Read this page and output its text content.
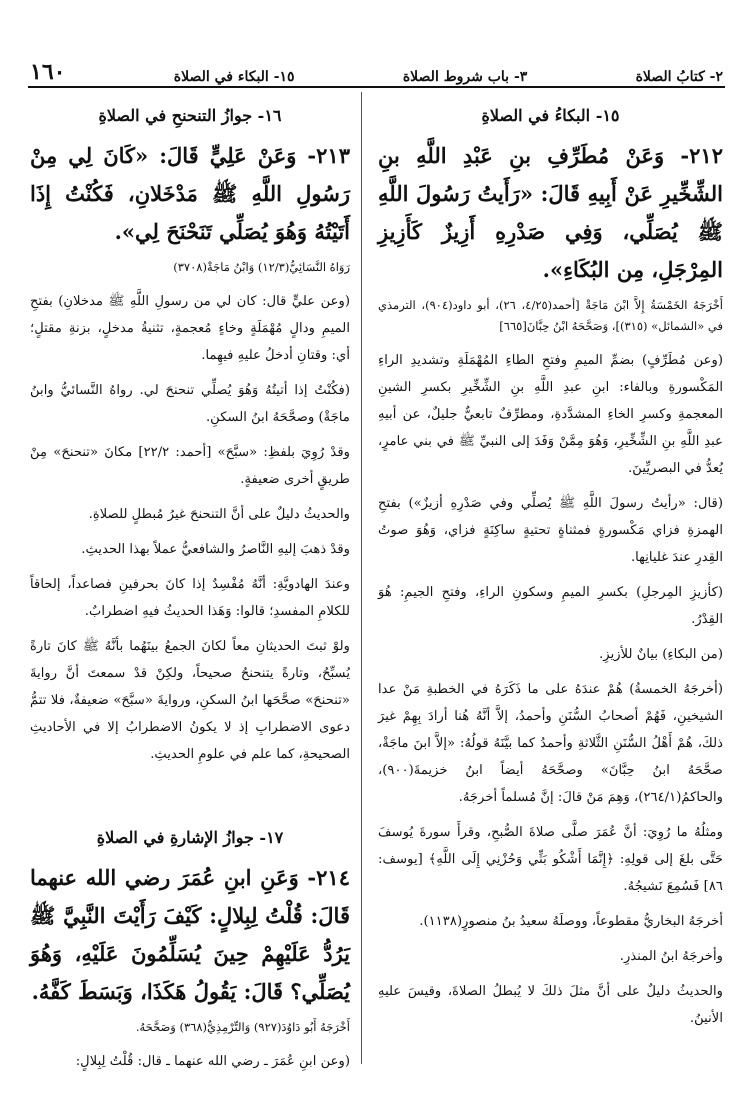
٢- كتابُ الصلاة
٣- باب شروط الصلاة
١٥- البكاء في الصلاة
١٦٠
١٥- البكاءُ في الصلاةِ
٢١٢- وَعَنْ مُطَرِّفِ بنِ عَبْدِ اللَّهِ بنِ الشِّخِّيرِ عَنْ أَبِيهِ قَالَ: «رَأَيتُ رَسُولَ اللَّهِ ﷺ يُصَلِّي، وَفِي صَدْرِهِ أَزِيزٌ كَأَزِيزِ المِرْجَلِ، مِن البُكَاءِ».
أَخْرَجَهُ الخَمْسَةُ إِلاَّ ابْنَ مَاجَةْ [أحمد(٤/٢٥، ٢٦)، أبو داود(٩٠٤)، الترمذي في «الشمائل» (٣١٥)]، وَصَحَّحَهُ ابْنُ حِبَّانَ[٦٦٥]
(وعن مُطَرِّفٍ) بضمِّ الميمِ وفتحِ الطاءِ المُهْمَلَةِ وتشديدِ الراءِ المَكْسورةِ وبالفاء: ابنِ عبدِ اللَّهِ بنِ الشِّخِّيرِ بكسرِ الشينِ المعجمةِ وكسرِ الخاءِ المشدَّدةِ، ومطرِّفٌ تابعيٌّ جليلٌ، عن أبيهِ عبدِ اللَّهِ بنِ الشِّخِّيرِ، وَهُوَ مِمَّنْ وَفَدَ إلى النبيِّ ﷺ في بني عامرٍ، يُعدُّ في البصريِّينَ.
(قال: «رأيتُ رسولَ اللَّهِ ﷺ يُصلِّي وفي صَدْرِهِ أزيزٌ») بفتحِ الهمزةِ فزاي مَكْسورةٍ فمثناةٍ تحتيةٍ ساكِنَةٍ فزاي، وَهُوَ صوتُ القِدرِ عندَ غليانِها.
(كأزيزِ المِرجلِ) بكسرِ الميمِ وسكونِ الراءِ، وفتحِ الجيمِ: هُوَ القِدْرُ.
(من البكاءِ) بيانٌ للأزيزِ.
(أخرجَهُ الخمسةُ) هُمْ عندَهُ على ما ذَكَرَهُ في الخطبةِ مَنْ عدا الشيخينِ، فَهُمْ أصحابُ السُّنَنِ وأحمدُ، إلاَّ أنَّهُ هُنا أرادَ بِهِمْ غيرَ ذلكَ، هُمْ أَهْلُ السُّنَنِ الثَّلاثةِ وأحمدُ كما بيَّنَهُ قولُهُ: «إلاَّ ابنَ ماجَةْ، صحَّحَهُ ابنُ حِبَّانَ» وصحَّحَهُ أيضاً ابنُ خزيمةَ(٩٠٠)، والحاكمُ(٢٦٤/١)، وَهِمَ مَنْ قالَ: إنَّ مُسلماً أخرجَهُ.
ومثلُهُ ما رُوِيَ: أنَّ عُمَرَ صلَّى صلاةَ الصُّبحِ، وقرأَ سورةَ يُوسفَ حَتَّى بلغَ إلى قولِهِ: ﴿إِنَّمَا أَشْكُو بَثِّي وَحُزْنِي إِلَى اللَّهِ﴾ [يوسف: ٨٦] فَسُمِعَ نَشيجُهُ.
أخرجَهُ البخاريُّ مقطوعاً، ووصلَهُ سعيدُ بنُ منصورٍ(١١٣٨).
وأخرجَهُ ابنُ المنذرِ.
والحديثُ دليلٌ على أنَّ مثلَ ذلكَ لا يُبطلُ الصلاةَ، وقيسَ عليهِ الأنينُ.
١٦- جوازُ التنحنحِ في الصلاةِ
٢١٣- وَعَنْ عَلِيٍّ قَالَ: «كَانَ لِي مِنْ رَسُولِ اللَّهِ ﷺ مَدْخَلانِ، فَكُنْتُ إِذَا أَتَيْتُهُ وَهُوَ يُصَلِّي تَنَحْنَحَ لِي».
رَوَاهُ النَّسَائِيُّ(١٢/٣) وَابْنُ مَاجَةْ(٣٧٠٨)
(وعن عليٍّ قال: كان لي من رسولِ اللَّهِ ﷺ مدخلانِ) بفتحِ الميمِ ودالٍ مُهْمَلَةٍ وخاءٍ مُعجمةٍ، تثنيةُ مدخلٍ، بزنةِ مقتلٍ؛ أي: وقتانِ أدخلُ عليهِ فيهِما.
(فكُنْتُ إذا أتيتُهُ وَهُوَ يُصلِّي تنحنحَ لي. رواهُ النَّسائيُّ وابنُ ماجَةْ) وصحَّحَهُ ابنُ السكنِ.
وقدْ رُوِيَ بلفظِ: «سبَّحَ» [أحمد: ٢٢/٢] مكانَ «تنحنحَ» مِنْ طريقٍ أخرى ضعيفةٍ.
والحديثُ دليلٌ على أنَّ التنحنحَ غيرُ مُبطلٍ للصلاةِ.
وقدْ ذهبَ إليهِ النَّاصرُ والشافعيُّ عملاً بهذا الحديثِ.
وعندَ الهادويَّةِ: أنَّهُ مُفْسِدٌ إذا كانَ بحرفينِ فصاعداً، إلحاقاً للكلامِ المفسدِ؛ قالوا: وَهَذا الحديثُ فيهِ اضطرابٌ.
ولوْ ثبتَ الحديثانِ معاً لكانَ الجمعُ بينَهُما بأنَّهُ ﷺ كانَ تارةً يُسبِّحُ، وتارةً يتنحنحُ صحيحاً، ولكِنْ قدْ سمعتَ أنَّ روايةَ «تنحنحَ» صحَّحَها ابنُ السكنِ، وروايةَ «سبَّحَ» ضعيفةٌ، فلا تتمُّ دعوى الاضطرابِ إذ لا يكونُ الاضطرابُ إلا في الأحاديثِ الصحيحةِ، كما علم في علومِ الحديثِ.
١٧- جوازُ الإشارةِ في الصلاةِ
٢١٤- وَعَنِ ابنِ عُمَرَ رضي الله عنهما قَالَ: قُلْتُ لِبِلالٍ: كَيْفَ رَأَيْتَ النَّبِيَّ ﷺ يَرُدُّ عَلَيْهِمْ حِينَ يُسَلِّمُونَ عَلَيْهِ، وَهُوَ يُصَلِّي؟ قَالَ: يَقُولُ هَكَذَا، وَبَسَطَ كَفَّهُ.
أَخْرَجَهُ أَبُو دَاوُدَ(٩٢٧) وَالتِّرْمِذِيُّ(٣٦٨) وَصَحَّحَهُ.
(وعن ابنِ عُمَرَ ـ رضي الله عنهما ـ قال: قُلْتُ لِبِلالٍ:
